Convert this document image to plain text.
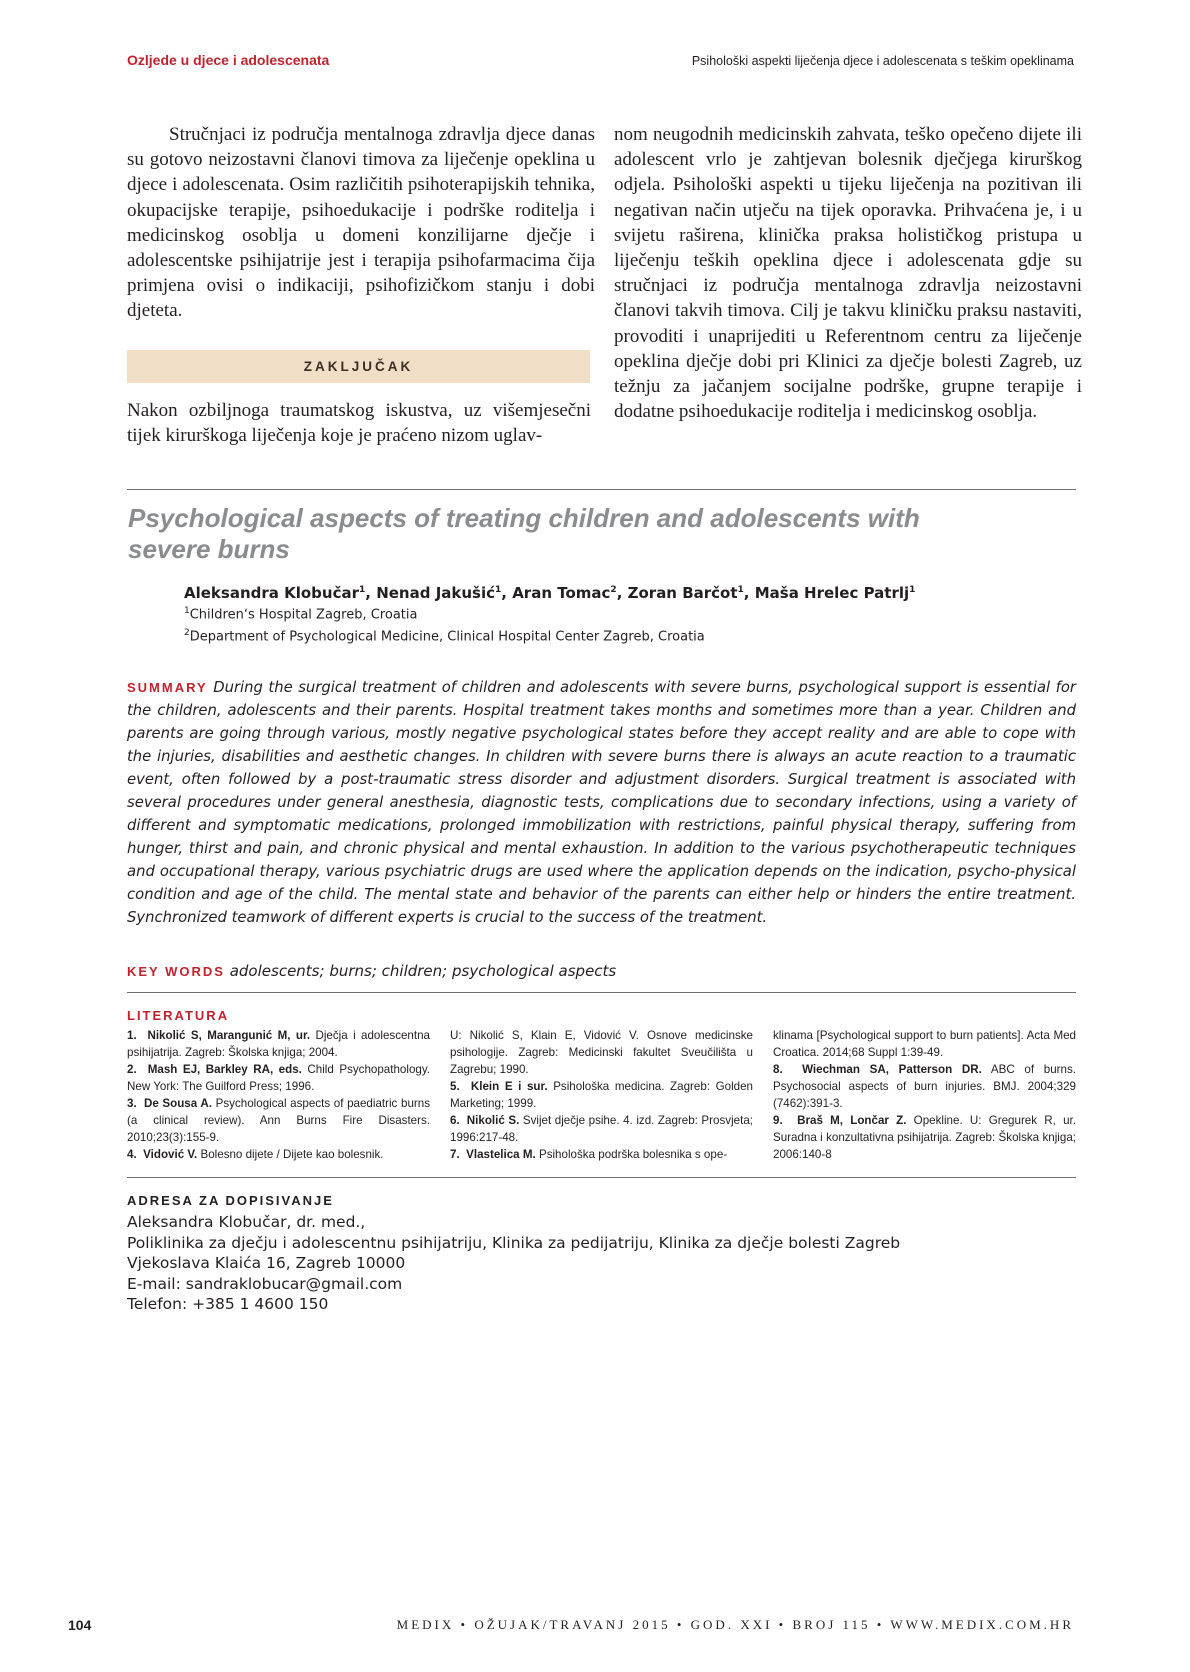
Ozljede u djece i adolescenata	Psihološki aspekti liječenja djece i adolescenata s teškim opeklinama

Stručnjaci iz područja mentalnoga zdravlja djece danas su gotovo neizostavni članovi timova za liječenje opeklina u djece i adolescenata. Osim različitih psihoterapijskih tehnika, okupacijske terapije, psihoedukacije i podrške roditelja i medicinskog osoblja u domeni konzilijarne dječje i adolescentske psihijatrije jest i terapija psihofarmacima čija primjena ovisi o indikaciji, psihofizičkom stanju i dobi djeteta.

ZAKLJUČAK

Nakon ozbiljnoga traumatskog iskustva, uz višemjesečni tijek kirurškoga liječenja koje je praćeno nizom uglav-

nom neugodnih medicinskih zahvata, teško opečeno dijete ili adolescent vrlo je zahtjevan bolesnik dječjega kirurškog odjela. Psihološki aspekti u tijeku liječenja na pozitivan ili negativan način utječu na tijek oporavka. Prihvaćena je, i u svijetu raširena, klinička praksa holističkog pristupa u liječenju teških opeklina djece i adolescenata gdje su stručnjaci iz područja mentalnoga zdravlja neizostavni članovi takvih timova. Cilj je takvu kliničku praksu nastaviti, provoditi i unaprijediti u Referentnom centru za liječenje opeklina dječje dobi pri Klinici za dječje bolesti Zagreb, uz težnju za jačanjem socijalne podrške, grupne terapije i dodatne psihoedukacije roditelja i medicinskog osoblja.

Psychological aspects of treating children and adolescents with
severe burns
Aleksandra Klobučar$^1$, Nenad Jakušić$^1$, Aran Tomac$^2$, Zoran Barčot$^1$, Maša Hrelec Patrlj$^1$
$^1$Children‘s Hospital Zagreb, Croatia
$^2$Department of Psychological Medicine, Clinical Hospital Center Zagreb, Croatia

SUMMARY During the surgical treatment of children and adolescents with severe burns, psychological support is essential for the children, adolescents and their parents. Hospital treatment takes months and sometimes more than a year. Children and parents are going through various, mostly negative psychological states before they accept reality and are able to cope with the injuries, disabilities and aesthetic changes. In children with severe burns there is always an acute reaction to a traumatic event, often followed by a post-traumatic stress disorder and adjustment disorders. Surgical treatment is associated with several procedures under general anesthesia, diagnostic tests, complications due to secondary infections, using a variety of different and symptomatic medications, prolonged immobilization with restrictions, painful physical therapy, suffering from hunger, thirst and pain, and chronic physical and mental exhaustion. In addition to the various psychotherapeutic techniques and occupational therapy, various psychiatric drugs are used where the application depends on the indication, psycho-physical condition and age of the child. The mental state and behavior of the parents can either help or hinders the entire treatment. Synchronized teamwork of different experts is crucial to the success of the treatment.

KEY WORDS adolescents; burns; children; psychological aspects
LITERATURA

1. Nikolić S, Marangunić M, ur. Dječja i adolescentna psihijatrija. Zagreb: Školska knjiga; 2004.

2. Mash EJ, Barkley RA, eds. Child Psychopathology. New York: The Guilford Press; 1996.

3. De Sousa A. Psychological aspects of paediatric burns (a clinical review). Ann Burns Fire Disasters. 2010;23(3):155-9.

4. Vidović V. Bolesno dijete / Dijete kao bolesnik.

U: Nikolić S, Klain E, Vidović V. Osnove medicinske psihologije. Zagreb: Medicinski fakultet Sveučilišta u Zagrebu; 1990.

5. Klein E i sur. Psihološka medicina. Zagreb: Golden Marketing; 1999.

6. Nikolić S. Svijet dječje psihe. 4. izd. Zagreb: Prosvjeta; 1996:217-48.

7. Vlastelica M. Psihološka podrška bolesnika s ope-

klinama [Psychological support to burn patients]. Acta Med Croatica. 2014;68 Suppl 1:39-49.

8. Wiechman SA, Patterson DR. ABC of burns. Psychosocial aspects of burn injuries. BMJ. 2004;329 (7462):391-3.

9. Braš M, Lončar Z. Opekline. U: Gregurek R, ur. Suradna i konzultativna psihijatrija. Zagreb: Školska knjiga; 2006:140-8

ADRESA ZA DOPISIVANJE
Aleksandra Klobučar, dr. med.,
Poliklinika za dječju i adolescentnu psihijatriju, Klinika za pedijatriju, Klinika za dječje bolesti Zagreb
Vjekoslava Klaića 16, Zagreb 10000
E-mail: sandraklobucar@gmail.com
Telefon: +385 1 4600 150
104	MEDIX • OŽUJAK/TRAVANJ 2015 • GOD. XXI • BROJ 115 • WWW.MEDIX.COM.HR
